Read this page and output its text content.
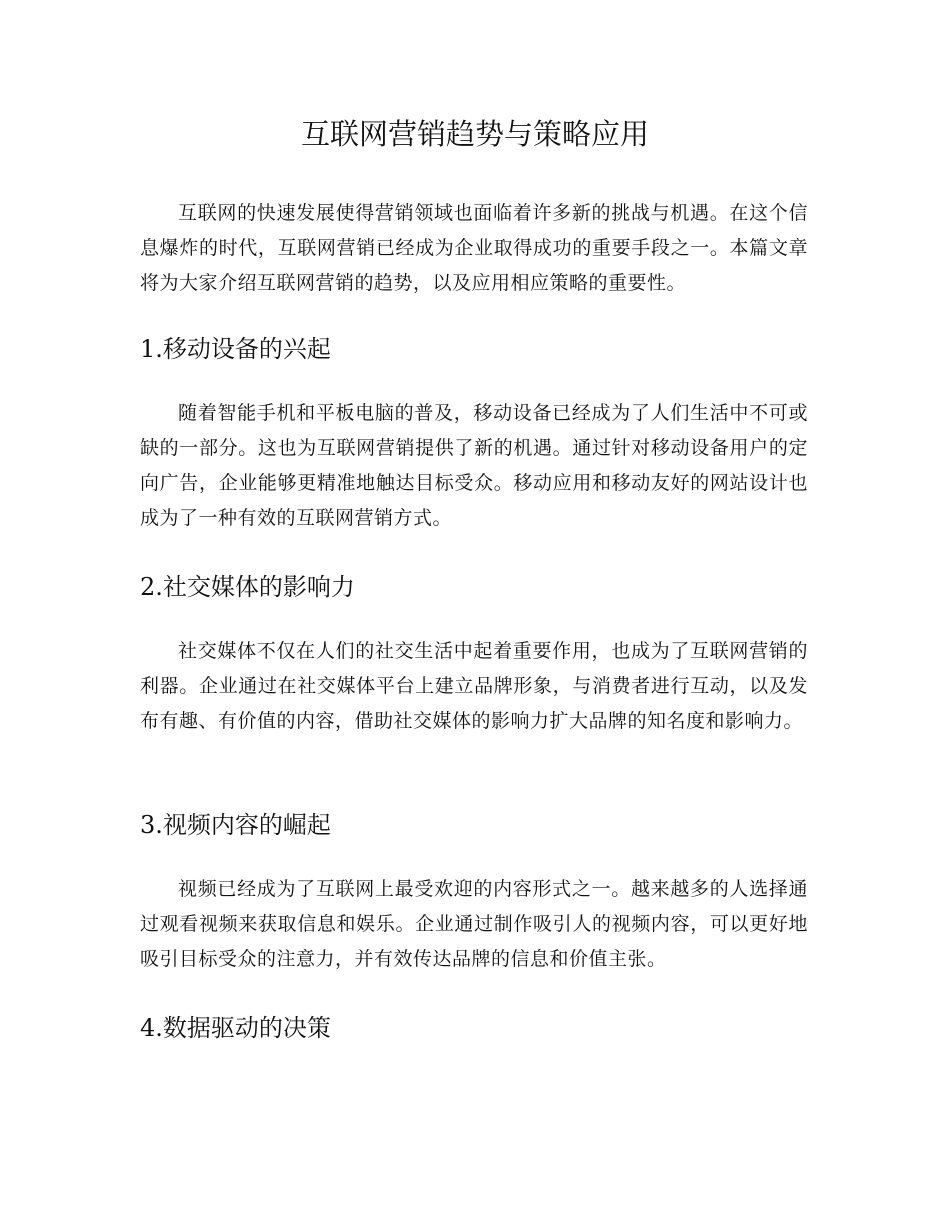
互联网营销趋势与策略应用

互联网的快速发展使得营销领域也面临着许多新的挑战与机遇。在这个信息爆炸的时代，互联网营销已经成为企业取得成功的重要手段之一。本篇文章将为大家介绍互联网营销的趋势，以及应用相应策略的重要性。

1.移动设备的兴起

随着智能手机和平板电脑的普及，移动设备已经成为了人们生活中不可或缺的一部分。这也为互联网营销提供了新的机遇。通过针对移动设备用户的定向广告，企业能够更精准地触达目标受众。移动应用和移动友好的网站设计也成为了一种有效的互联网营销方式。

2.社交媒体的影响力

社交媒体不仅在人们的社交生活中起着重要作用，也成为了互联网营销的利器。企业通过在社交媒体平台上建立品牌形象，与消费者进行互动，以及发布有趣、有价值的内容，借助社交媒体的影响力扩大品牌的知名度和影响力。

3.视频内容的崛起

视频已经成为了互联网上最受欢迎的内容形式之一。越来越多的人选择通过观看视频来获取信息和娱乐。企业通过制作吸引人的视频内容，可以更好地吸引目标受众的注意力，并有效传达品牌的信息和价值主张。

4.数据驱动的决策
